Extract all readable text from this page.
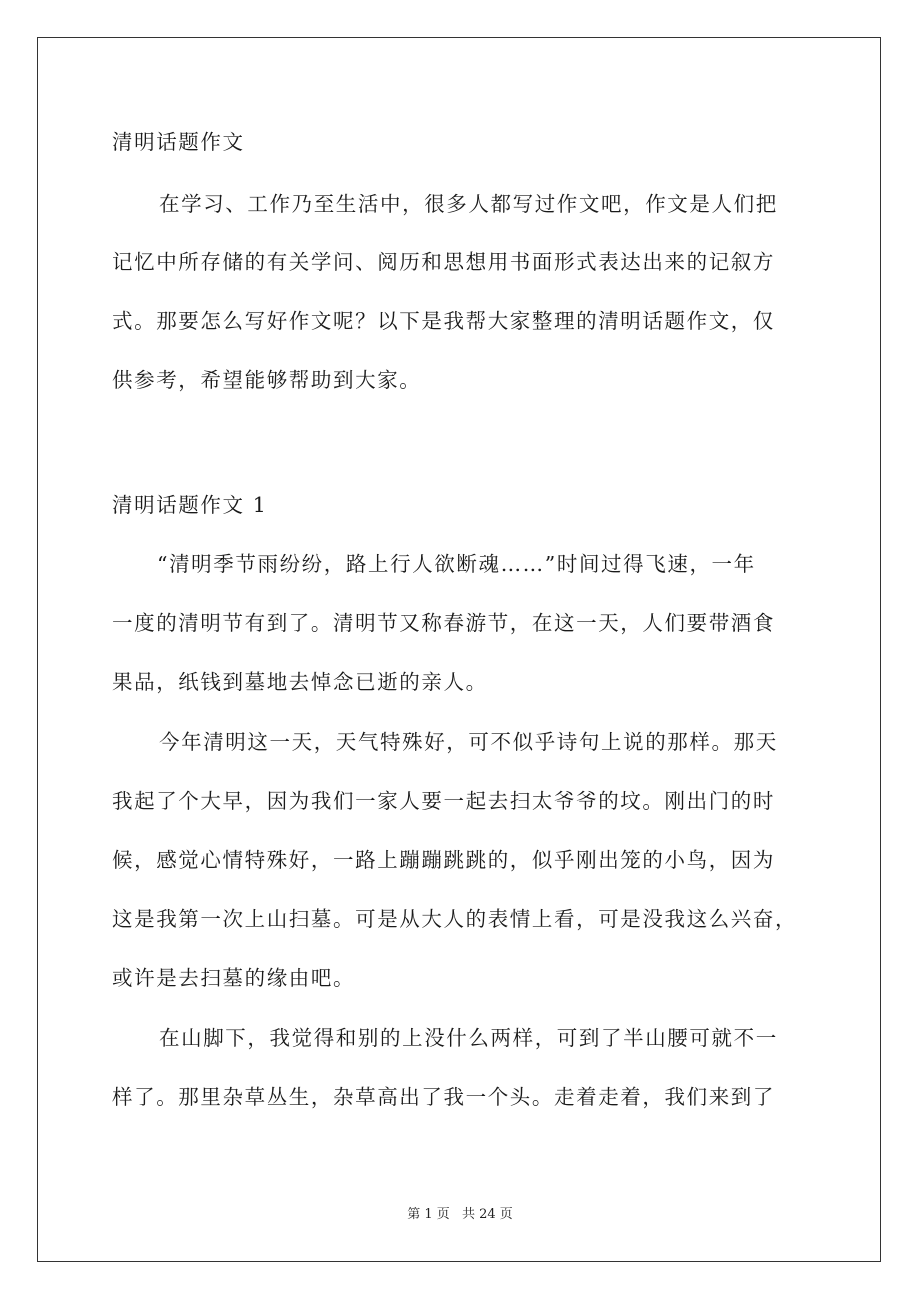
清明话题作文
在学习、工作乃至生活中，很多人都写过作文吧，作文是人们把
记忆中所存储的有关学问、阅历和思想用书面形式表达出来的记叙方
式。那要怎么写好作文呢？以下是我帮大家整理的清明话题作文，仅
供参考，希望能够帮助到大家。
清明话题作文 1
“清明季节雨纷纷，路上行人欲断魂……”时间过得飞速，一年
一度的清明节有到了。清明节又称春游节，在这一天，人们要带酒食
果品，纸钱到墓地去悼念已逝的亲人。
今年清明这一天，天气特殊好，可不似乎诗句上说的那样。那天
我起了个大早，因为我们一家人要一起去扫太爷爷的坟。刚出门的时
候，感觉心情特殊好，一路上蹦蹦跳跳的，似乎刚出笼的小鸟，因为
这是我第一次上山扫墓。可是从大人的表情上看，可是没我这么兴奋，
或许是去扫墓的缘由吧。
在山脚下，我觉得和别的上没什么两样，可到了半山腰可就不一
样了。那里杂草丛生，杂草高出了我一个头。走着走着，我们来到了
第 1 页 共 24 页
